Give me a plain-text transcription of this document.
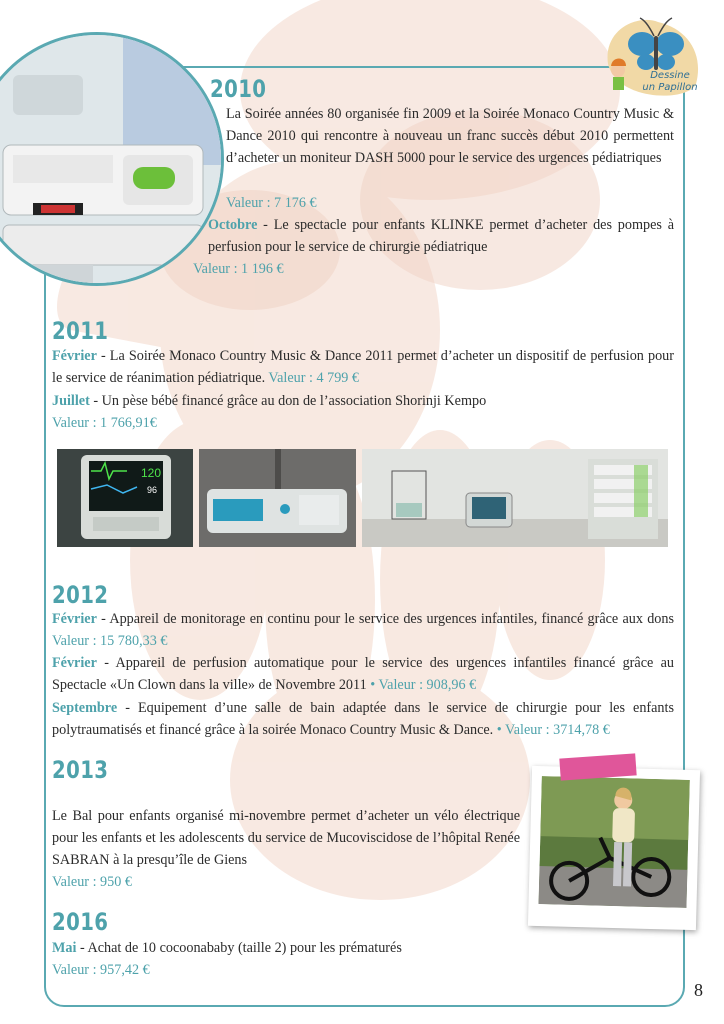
Dessine
un Papillon
2010
La Soirée années 80 organisée fin 2009 et la Soirée Monaco Country Music & Dance 2010 qui rencontre à nouveau un franc succès début 2010 permettent d’acheter un moniteur DASH 5000 pour le service des urgences pédiatriques
Valeur : 7 176 €
Octobre - Le spectacle pour enfants KLINKE permet d’acheter des pompes à perfusion pour le service de chirurgie pédiatrique
Valeur : 1 196 €
2011
Février - La Soirée Monaco Country Music & Dance 2011 permet d’acheter un dispositif de perfusion pour le service de réanimation pédiatrique. Valeur : 4 799 €
Juillet - Un pèse bébé financé grâce au don de l’association Shorinji Kempo
Valeur : 1 766,91€
120
96
2012
Février - Appareil de monitorage en continu pour le service des urgences infantiles, financé grâce aux dons Valeur : 15 780,33 €
Février - Appareil de perfusion automatique pour le service des urgences infantiles financé grâce au Spectacle «Un Clown dans la ville» de Novembre 2011 • Valeur : 908,96 €
Septembre - Equipement d’une salle de bain adaptée dans le service de chirurgie pour les enfants polytraumatisés et financé grâce à la soirée Monaco Country Music & Dance. • Valeur : 3714,78 €
2013
Le Bal pour enfants organisé mi-novembre permet d’acheter un vélo électrique pour les enfants et les adolescents du service de Mucoviscidose de l’hôpital Renée SABRAN à la presqu’île de Giens
Valeur : 950 €
2016
Mai - Achat de 10 cocoonababy (taille 2) pour les prématurés
Valeur : 957,42 €
8
